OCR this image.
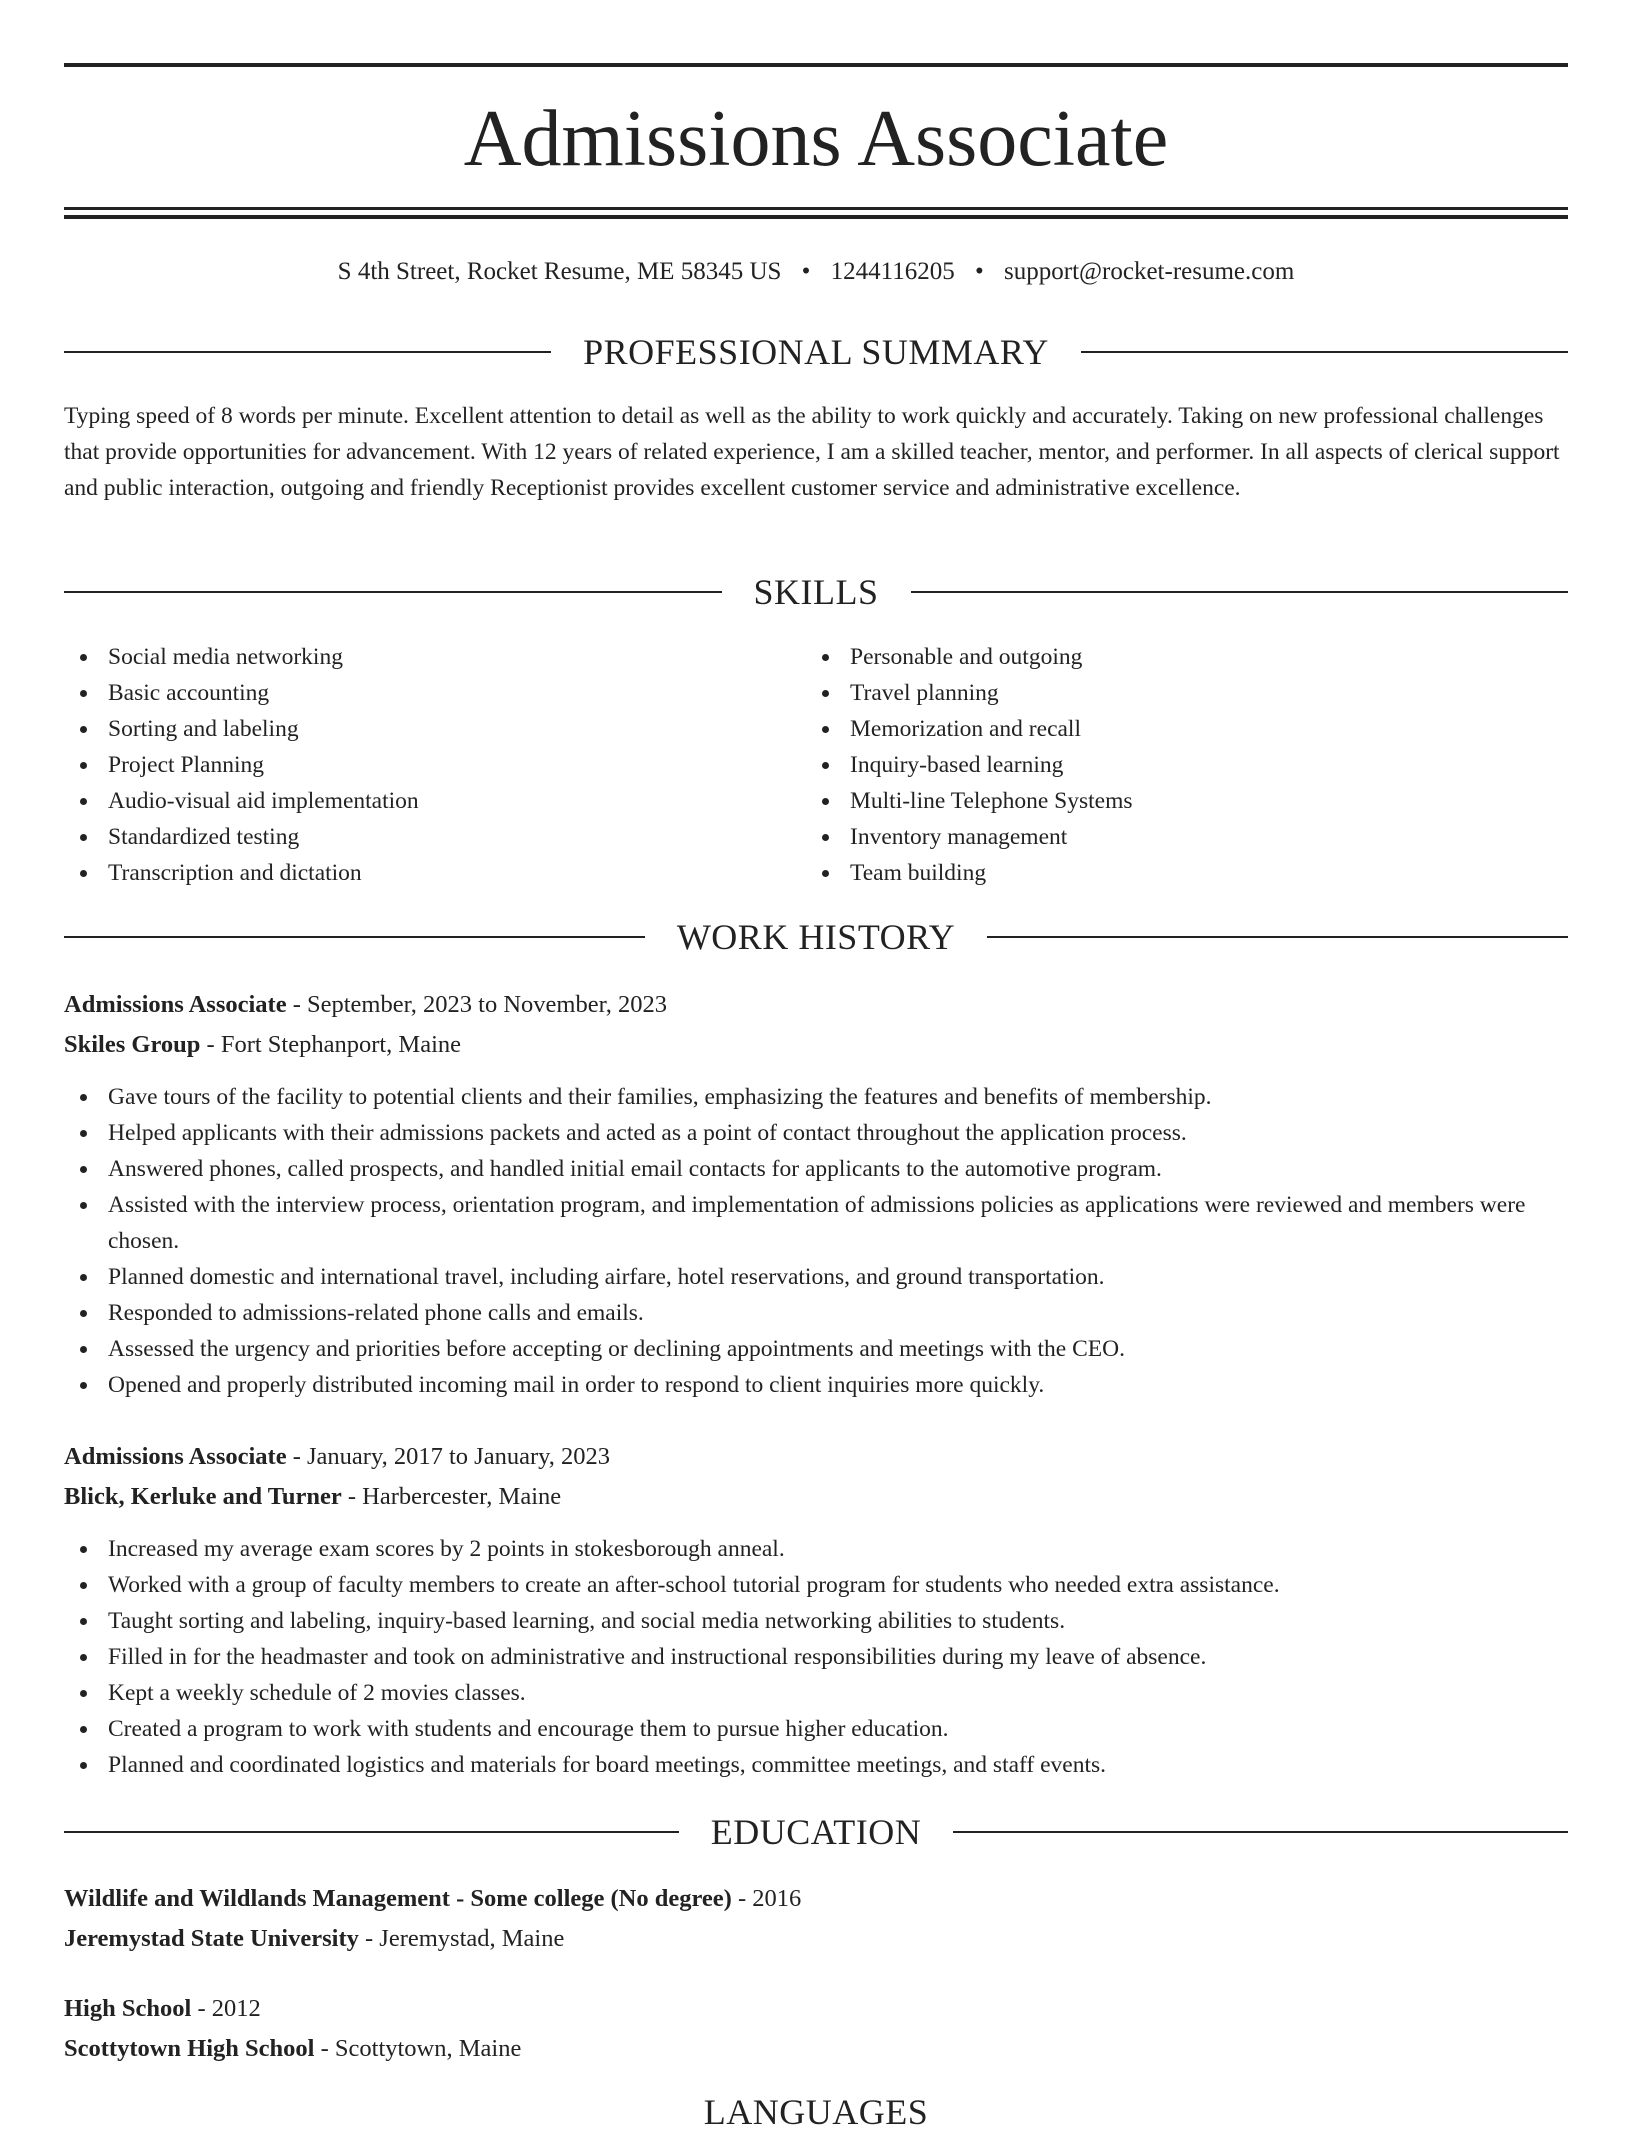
Admissions Associate
S 4th Street, Rocket Resume, ME 58345 US • 1244116205 • support@rocket-resume.com
PROFESSIONAL SUMMARY

Typing speed of 8 words per minute. Excellent attention to detail as well as the ability to work quickly and accurately. Taking on new professional challenges that provide opportunities for advancement. With 12 years of related experience, I am a skilled teacher, mentor, and performer. In all aspects of clerical support and public interaction, outgoing and friendly Receptionist provides excellent customer service and administrative excellence.

SKILLS
Social media networking
Basic accounting
Sorting and labeling
Project Planning
Audio-visual aid implementation
Standardized testing
Transcription and dictation
Personable and outgoing
Travel planning
Memorization and recall
Inquiry-based learning
Multi-line Telephone Systems
Inventory management
Team building
WORK HISTORY
Admissions Associate - September, 2023 to November, 2023
Skiles Group - Fort Stephanport, Maine
Gave tours of the facility to potential clients and their families, emphasizing the features and benefits of membership.
Helped applicants with their admissions packets and acted as a point of contact throughout the application process.
Answered phones, called prospects, and handled initial email contacts for applicants to the automotive program.
Assisted with the interview process, orientation program, and implementation of admissions policies as applications were reviewed and members were chosen.
Planned domestic and international travel, including airfare, hotel reservations, and ground transportation.
Responded to admissions-related phone calls and emails.
Assessed the urgency and priorities before accepting or declining appointments and meetings with the CEO.
Opened and properly distributed incoming mail in order to respond to client inquiries more quickly.
Admissions Associate - January, 2017 to January, 2023
Blick, Kerluke and Turner - Harbercester, Maine
Increased my average exam scores by 2 points in stokesborough anneal.
Worked with a group of faculty members to create an after-school tutorial program for students who needed extra assistance.
Taught sorting and labeling, inquiry-based learning, and social media networking abilities to students.
Filled in for the headmaster and took on administrative and instructional responsibilities during my leave of absence.
Kept a weekly schedule of 2 movies classes.
Created a program to work with students and encourage them to pursue higher education.
Planned and coordinated logistics and materials for board meetings, committee meetings, and staff events.
EDUCATION
Wildlife and Wildlands Management - Some college (No degree) - 2016
Jeremystad State University - Jeremystad, Maine
High School - 2012
Scottytown High School - Scottytown, Maine
LANGUAGES
